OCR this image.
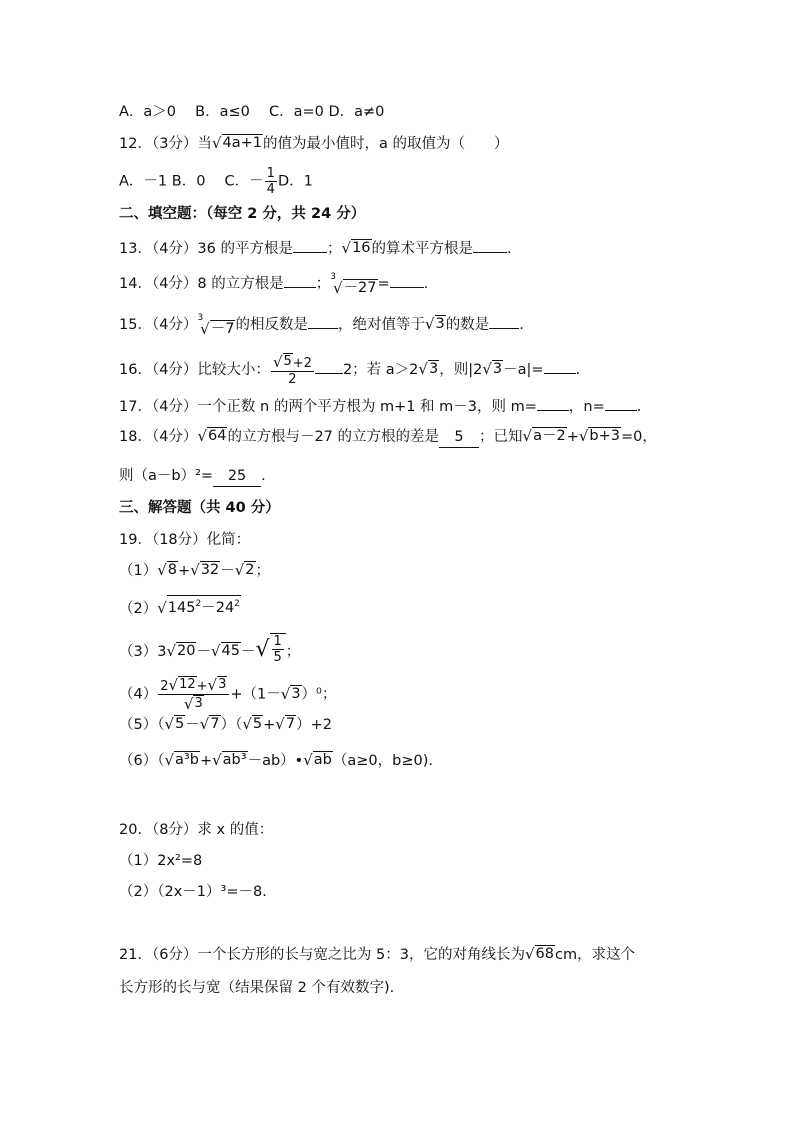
A．a＞0　 B．a≤0　 C．a=0 D．a≠0
12．（3分）当 √ 4a+1 的值为最小值时，a 的取值为（　　）
A．－1 B．0　 C．－ $\frac{1}{4}$ D．1
二、填空题：（每空 2 分，共 24 分）
13．（4分）36 的平方根是 ； √ 16 的算术平方根是 .
14．（4分）8 的立方根是 ； 3
√ －27 = .
15．（4分） 3
√ －7 的相反数是 ，绝对值等于 √ 3 的数是 .
16．（4分）比较大小： $\frac{√ 5 +2}{2} 2$；若 a＞2 √ 3 ，则|2 √ 3 －a|= .
17．（4分）一个正数 n 的两个平方根为 m+1 和 m－3，则 m= ，n= .
18．（4分） √ 64 的立方根与－27 的立方根的差是 5 ；已知 √ a－2 + √ b+3 =0，
则（a－b）²= 25 .
三、解答题（共 40 分）
19．（18分）化简：
（1） √ 8 + √ 32 － √ 2 ；
（2） √ $145^2-24^2$
（3）3 √ 20 － √ 45 － √ $\frac{1}{5}$ ；
$(4) \frac{2 √ 12 + √ 3}{√ 3} +(1-$ √ 3 ）⁰；
（5）（ √ 5 － √ 7 ）（ √ 5 + √ 7 ）+2
（6）（ √ a³b + √ ab³ －ab）• √ ab （a≥0，b≥0).
20．（8分）求 x 的值：
（1）2x²=8
（2）（2x－1）³=－8.
21．（6分）一个长方形的长与宽之比为 5：3，它的对角线长为 √ 68 cm，求这个
长方形的长与宽（结果保留 2 个有效数字).
